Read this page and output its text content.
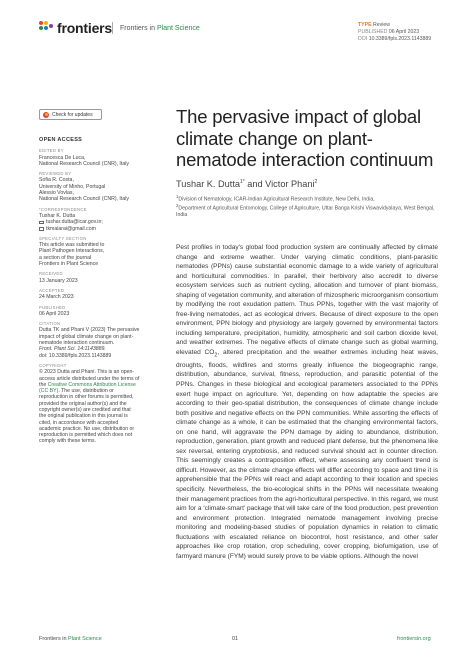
frontiers Frontiers in Plant Science	TYPE Review
PUBLISHED 06 April 2023
DOI 10.3389/fpls.2023.1143889
Check for updates
OPEN ACCESS
EDITED BY
Francesca De Luca,
National Research Council (CNR), Italy
REVIEWED BY
Sofia R. Costa,
University of Minho, Portugal
Alessio Vovlas,
National Research Council (CNR), Italy
*CORRESPONDENCE
Tushar K. Dutta
tushar.dutta@icar.gov.in;
tkmalarai@gmail.com
SPECIALTY SECTION
This article was submitted to
Plant Pathogen Interactions,
a section of the journal
Frontiers in Plant Science
RECEIVED
13 January 2023
ACCEPTED
24 March 2023
PUBLISHED
06 April 2023
CITATION
Dutta TK and Phani V (2023) The pervasive
impact of global climate change on plant-
nematode interaction continuum.
Front. Plant Sci. 14:1143889.
doi: 10.3389/fpls.2023.1143889
COPYRIGHT
© 2023 Dutta and Phani. This is an open-
access article distributed under the terms of
the Creative Commons Attribution License
(CC BY). The use, distribution or
reproduction in other forums is permitted,
provided the original author(s) and the
copyright owner(s) are credited and that
the original publication in this journal is
cited, in accordance with accepted
academic practice. No use, distribution or
reproduction is permitted which does not
comply with these terms.
The pervasive impact of global climate change on plant-nematode interaction continuum
Tushar K. Dutta$^{1*}$ and Victor Phani$^2$
$^1$Division of Nematology, ICAR-Indian Agricultural Research Institute, New Delhi, India,
$^2$Department of Agricultural Entomology, College of Agriculture, Uttar Banga Krishi Viswavidyalaya, West Bengal, India

Pest profiles in today's global food production system are continually affected by climate change and extreme weather. Under varying climatic conditions, plant-parasitic nematodes (PPNs) cause substantial economic damage to a wide variety of agricultural and horticultural commodities. In parallel, their herbivory also accredit to diverse ecosystem services such as nutrient cycling, allocation and turnover of plant biomass, shaping of vegetation community, and alteration of rhizospheric microorganism consortium by modifying the root exudation pattern. Thus PPNs, together with the vast majority of free-living nematodes, act as ecological drivers. Because of direct exposure to the open environment, PPN biology and physiology are largely governed by environmental factors including temperature, precipitation, humidity, atmospheric and soil carbon dioxide level, and weather extremes. The negative effects of climate change such as global warming, elevated $CO_2$, altered precipitation and the weather extremes including heat waves, droughts, floods, wildfires and storms greatly influence the biogeographic range, distribution, abundance, survival, fitness, reproduction, and parasitic potential of the PPNs. Changes in these biological and ecological parameters associated to the PPNs exert huge impact on agriculture. Yet, depending on how adaptable the species are according to their geo-spatial distribution, the consequences of climate change include both positive and negative effects on the PPN communities. While assorting the effects of climate change as a whole, it can be estimated that the changing environmental factors, on one hand, will aggravate the PPN damage by aiding to abundance, distribution, reproduction, generation, plant growth and reduced plant defense, but the phenomena like sex reversal, entering cryptobiosis, and reduced survival should act in counter direction. This seemingly creates a contraposition effect, where assessing any confluent trend is difficult. However, as the climate change effects will differ according to space and time it is apprehensible that the PPNs will react and adapt according to their location and species specificity. Nevertheless, the bio-ecological shifts in the PPNs will necessitate tweaking their management practices from the agri-horticultural perspective. In this regard, we must aim for a 'climate-smart' package that will take care of the food production, pest prevention and environment protection. Integrated nematode management involving precise monitoring and modeling-based studies of population dynamics in relation to climatic fluctuations with escalated reliance on biocontrol, host resistance, and other safer approaches like crop rotation, crop scheduling, cover cropping, biofumigation, use of farmyard manure (FYM) would surely prove to be viable options. Although the novel

Frontiers in Plant Science	01	frontiersin.org
